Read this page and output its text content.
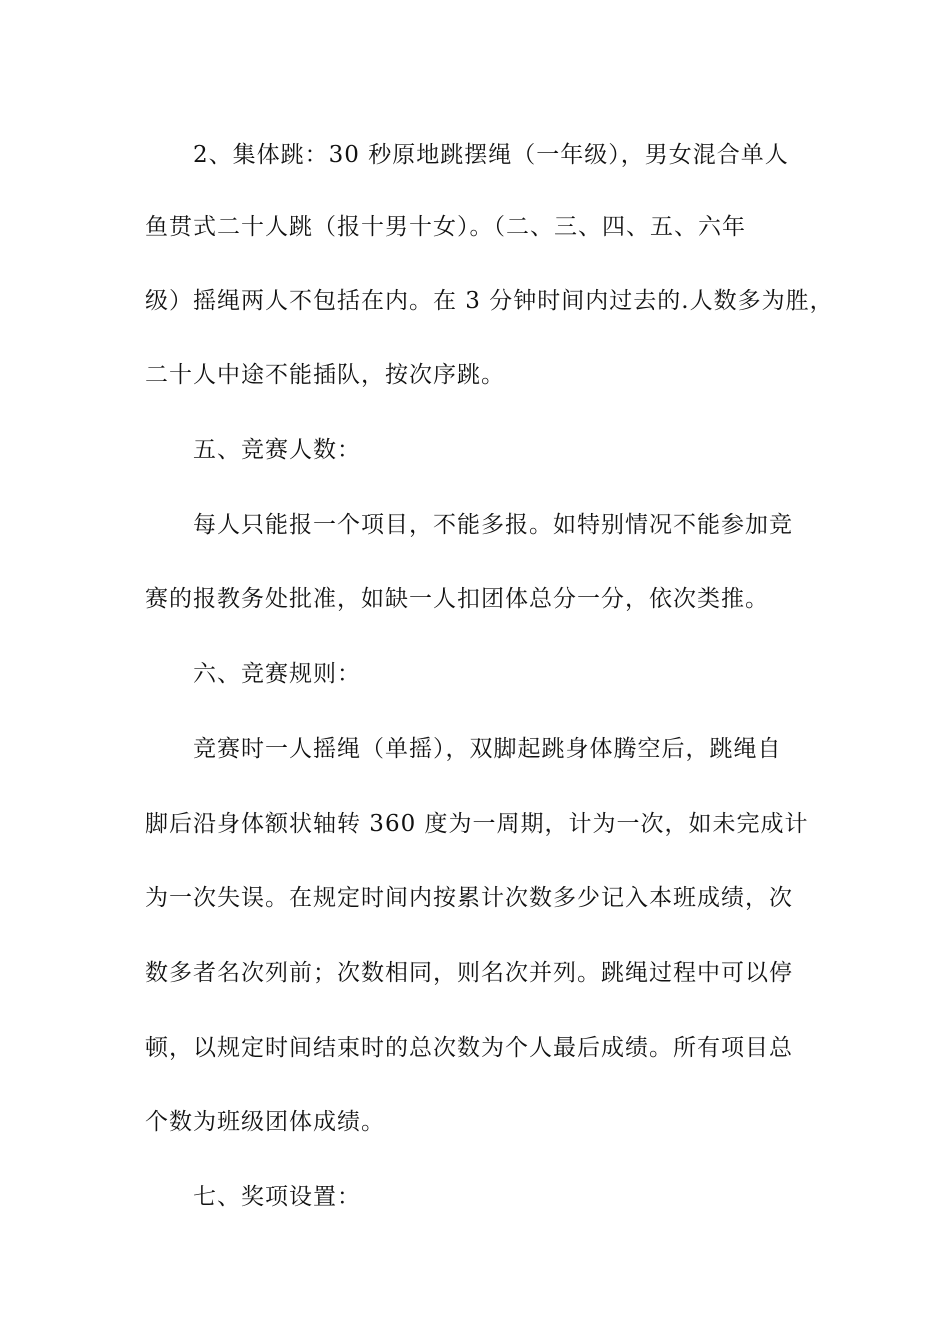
2、集体跳：30 秒原地跳摆绳（一年级），男女混合单人
鱼贯式二十人跳（报十男十女）。（二、三、四、五、六年
级）摇绳两人不包括在内。在 3 分钟时间内过去的.人数多为胜，
二十人中途不能插队，按次序跳。
五、竞赛人数：
每人只能报一个项目，不能多报。如特别情况不能参加竞
赛的报教务处批准，如缺一人扣团体总分一分，依次类推。
六、竞赛规则：
竞赛时一人摇绳（单摇），双脚起跳身体腾空后，跳绳自
脚后沿身体额状轴转 360 度为一周期，计为一次，如未完成计
为一次失误。在规定时间内按累计次数多少记入本班成绩，次
数多者名次列前；次数相同，则名次并列。跳绳过程中可以停
顿，以规定时间结束时的总次数为个人最后成绩。所有项目总
个数为班级团体成绩。
七、奖项设置：
